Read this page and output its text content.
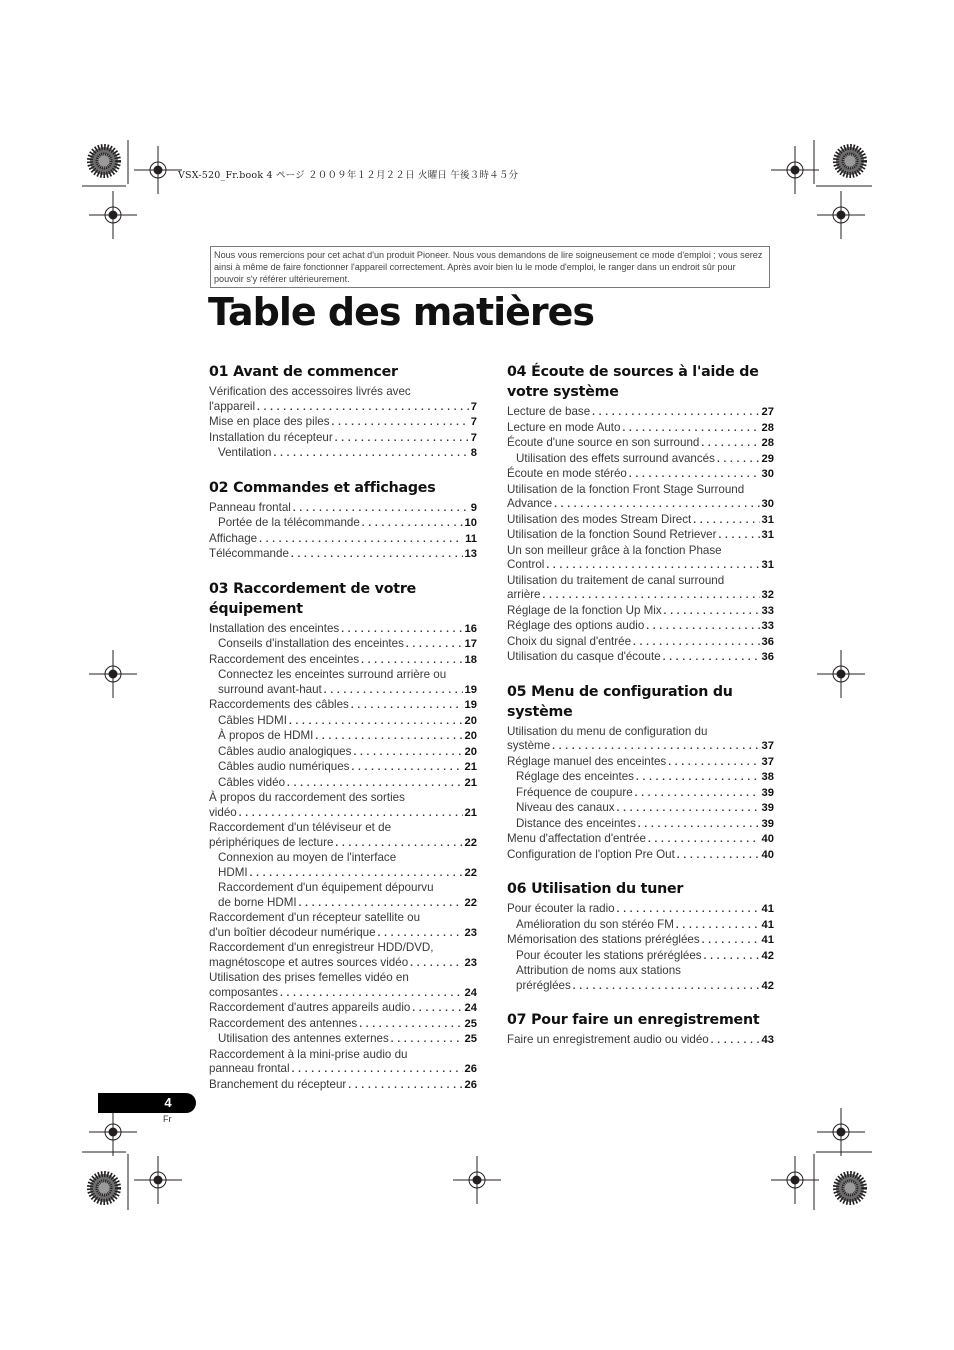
VSX-520_Fr.book 4 ページ ２００９年１２月２２日 火曜日 午後３時４５分
Nous vous remercions pour cet achat d'un produit Pioneer. Nous vous demandons de lire soigneusement ce mode d'emploi ; vous serez ainsi à même de faire fonctionner l'appareil correctement. Après avoir bien lu le mode d'emploi, le ranger dans un endroit sûr pour pouvoir s'y référer ultérieurement.
Table des matières
01 Avant de commencer
Vérification des accessoires livrés avec
l'appareil . . .	7
Mise en place des piles . . .	7
Installation du récepteur . . .	7
Ventilation . . .	8
02 Commandes et affichages
Panneau frontal . . .	9
Portée de la télécommande . . .	10
Affichage . . .	11
Télécommande . . .	13
03 Raccordement de votre équipement
Installation des enceintes . . .	16
Conseils d'installation des enceintes . . .	17
Raccordement des enceintes . . .	18
Connectez les enceintes surround arrière ou
surround avant-haut . . .	19
Raccordements des câbles . . .	19
Câbles HDMI . . .	20
À propos de HDMI . . .	20
Câbles audio analogiques . . .	20
Câbles audio numériques . . .	21
Câbles vidéo . . .	21
À propos du raccordement des sorties
vidéo . . .	21
Raccordement d'un téléviseur et de
périphériques de lecture . . .	22
Connexion au moyen de l'interface
HDMI . . .	22
Raccordement d'un équipement dépourvu
de borne HDMI . . .	22
Raccordement d'un récepteur satellite ou
d'un boîtier décodeur numérique . . .	23
Raccordement d'un enregistreur HDD/DVD,
magnétoscope et autres sources vidéo . . .	23
Utilisation des prises femelles vidéo en
composantes . . .	24
Raccordement d'autres appareils audio . . .	24
Raccordement des antennes . . .	25
Utilisation des antennes externes . . .	25
Raccordement à la mini-prise audio du
panneau frontal . . .	26
Branchement du récepteur . . .	26
04 Écoute de sources à l'aide de votre système
Lecture de base . . .	27
Lecture en mode Auto . . .	28
Écoute d'une source en son surround . . .	28
Utilisation des effets surround avancés . . .	29
Écoute en mode stéréo . . .	30
Utilisation de la fonction Front Stage Surround
Advance . . .	30
Utilisation des modes Stream Direct . . .	31
Utilisation de la fonction Sound Retriever . . .	31
Un son meilleur grâce à la fonction Phase
Control . . .	31
Utilisation du traitement de canal surround
arrière . . .	32
Réglage de la fonction Up Mix . . .	33
Réglage des options audio . . .	33
Choix du signal d'entrée . . .	36
Utilisation du casque d'écoute . . .	36
05 Menu de configuration du système
Utilisation du menu de configuration du
système . . .	37
Réglage manuel des enceintes . . .	37
Réglage des enceintes . . .	38
Fréquence de coupure . . .	39
Niveau des canaux . . .	39
Distance des enceintes . . .	39
Menu d'affectation d'entrée . . .	40
Configuration de l'option Pre Out . . .	40
06 Utilisation du tuner
Pour écouter la radio . . .	41
Amélioration du son stéréo FM . . .	41
Mémorisation des stations préréglées . . .	41
Pour écouter les stations préréglées . . .	42
Attribution de noms aux stations
préréglées . . .	42
07 Pour faire un enregistrement
Faire un enregistrement audio ou vidéo . . .	43
4
Fr
